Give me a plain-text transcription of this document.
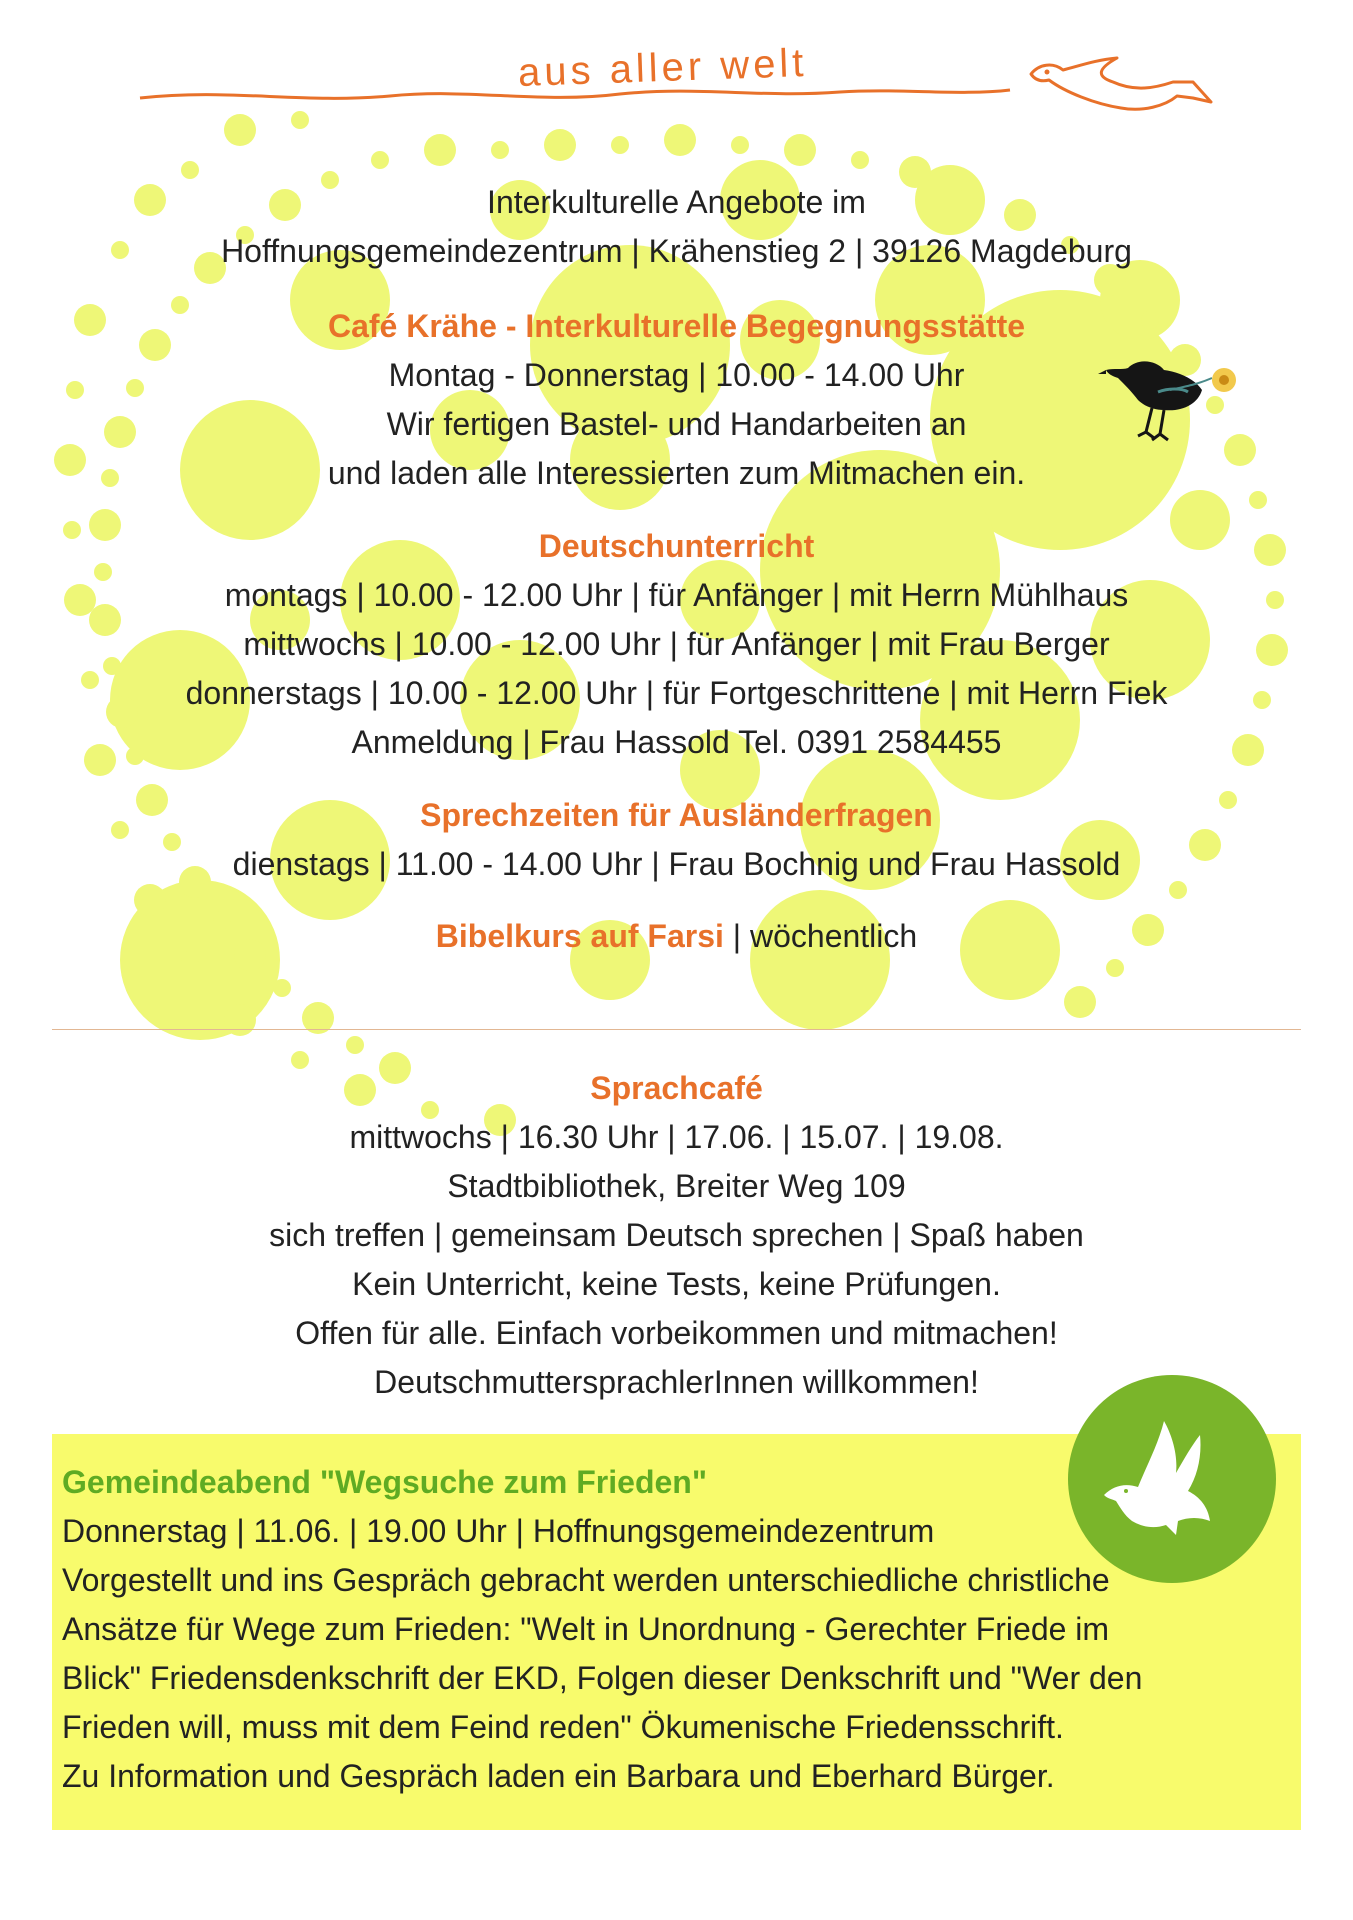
aus aller welt
Interkulturelle Angebote im
Hoffnungsgemeindezentrum | Krähenstieg 2 | 39126 Magdeburg
Café Krähe - Interkulturelle Begegnungsstätte
Montag - Donnerstag | 10.00 - 14.00 Uhr
Wir fertigen Bastel- und Handarbeiten an
und laden alle Interessierten zum Mitmachen ein.
Deutschunterricht
montags | 10.00 - 12.00 Uhr | für Anfänger | mit Herrn Mühlhaus
mittwochs | 10.00 - 12.00 Uhr | für Anfänger | mit Frau Berger
donnerstags | 10.00 - 12.00 Uhr | für Fortgeschrittene | mit Herrn Fiek
Anmeldung | Frau Hassold Tel. 0391 2584455
Sprechzeiten für Ausländerfragen
dienstags | 11.00 - 14.00 Uhr | Frau Bochnig und Frau Hassold
Bibelkurs auf Farsi | wöchentlich
Sprachcafé
mittwochs | 16.30 Uhr | 17.06. | 15.07. | 19.08.
Stadtbibliothek, Breiter Weg 109
sich treffen | gemeinsam Deutsch sprechen | Spaß haben
Kein Unterricht, keine Tests, keine Prüfungen.
Offen für alle. Einfach vorbeikommen und mitmachen!
DeutschmuttersprachlerInnen willkommen!
Gemeindeabend "Wegsuche zum Frieden"
Donnerstag | 11.06. | 19.00 Uhr | Hoffnungsgemeindezentrum
Vorgestellt und ins Gespräch gebracht werden unterschiedliche christliche
Ansätze für Wege zum Frieden: "Welt in Unordnung - Gerechter Friede im
Blick" Friedensdenkschrift der EKD, Folgen dieser Denkschrift und "Wer den
Frieden will, muss mit dem Feind reden" Ökumenische Friedensschrift.
Zu Information und Gespräch laden ein Barbara und Eberhard Bürger.
